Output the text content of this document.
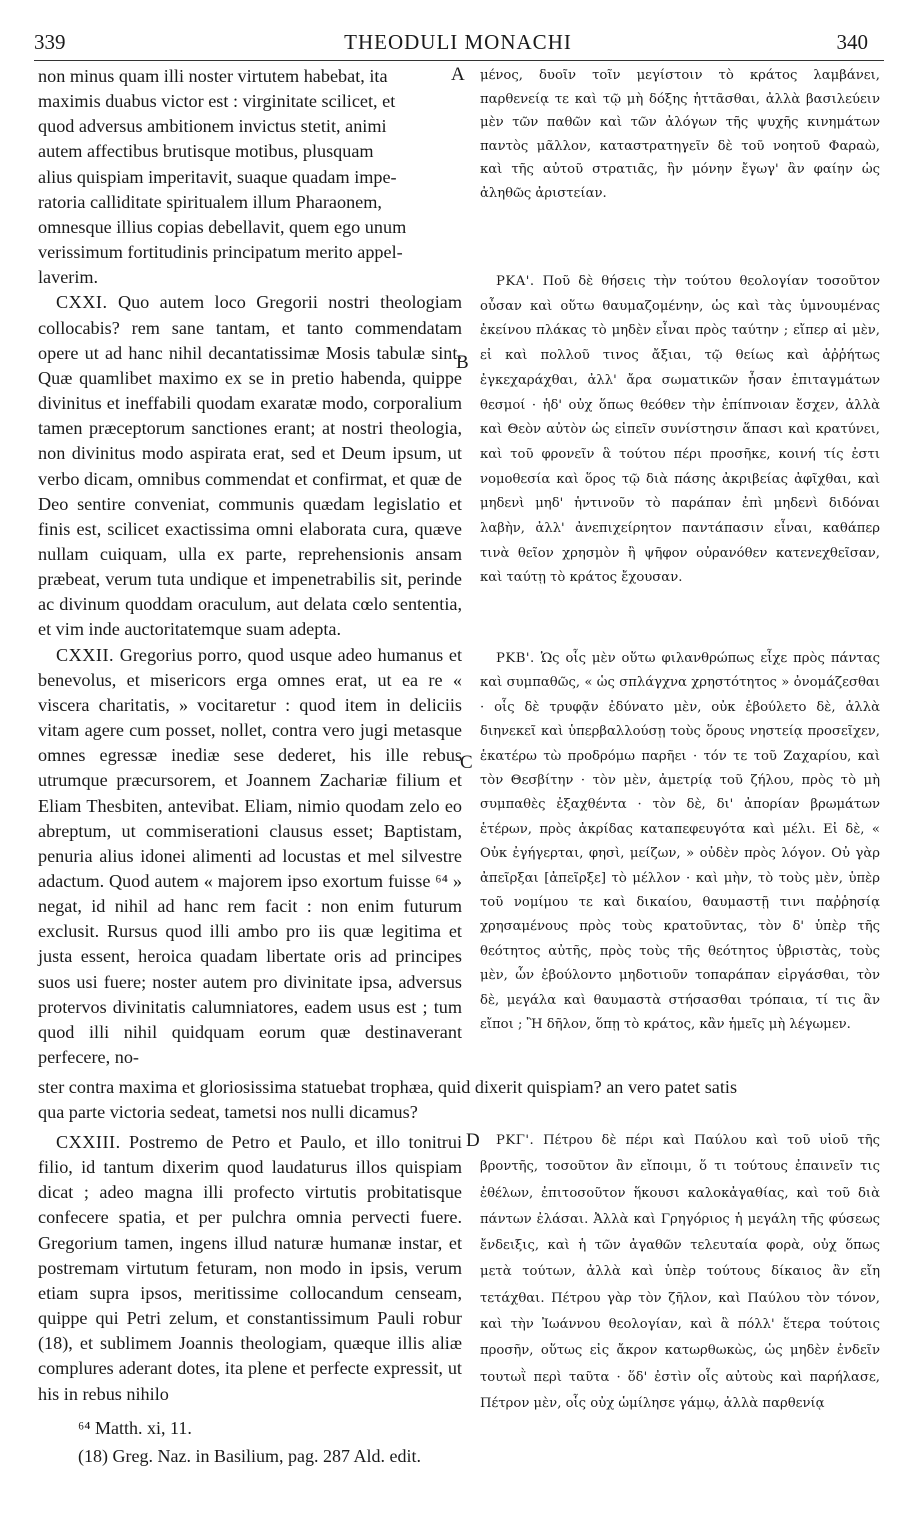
339	THEODULI MONACHI	340
A
B
C
D
non minus quam illi noster virtutem habebat, ita
maximis duabus victor est : virginitate scilicet, et
quod adversus ambitionem invictus stetit, animi
autem affectibus brutisque motibus, plusquam
alius quispiam imperitavit, suaque quadam impe-
ratoria calliditate spiritualem illum Pharaonem,
omnesque illius copias debellavit, quem ego unum
verissimum fortitudinis principatum merito appel-
laverim.
CXXI. Quo autem loco Gregorii nostri theologiam collocabis? rem sane tantam, et tanto commendatam opere ut ad hanc nihil decantatissimæ Mosis tabulæ sint. Quæ quamlibet maximo ex se in pretio habenda, quippe divinitus et ineffabili quodam exaratæ modo, corporalium tamen præceptorum sanctiones erant; at nostri theologia, non divinitus modo aspirata erat, sed et Deum ipsum, ut verbo dicam, omnibus commendat et confirmat, et quæ de Deo sentire conveniat, communis quædam legislatio et finis est, scilicet exactissima omni elaborata cura, quæve nullam cuiquam, ulla ex parte, reprehensionis ansam præbeat, verum tuta undique et impenetrabilis sit, perinde ac divinum quoddam oraculum, aut delata cœlo sententia, et vim inde auctoritatemque suam adepta.
CXXII. Gregorius porro, quod usque adeo humanus et benevolus, et misericors erga omnes erat, ut ea re « viscera charitatis, » vocitaretur : quod item in deliciis vitam agere cum posset, nollet, contra vero jugi metasque omnes egressæ inediæ sese dederet, his ille rebus utrumque præcursorem, et Joannem Zachariæ filium et Eliam Thesbiten, antevibat. Eliam, nimio quodam zelo eo abreptum, ut commiserationi clausus esset; Baptistam, penuria alius idonei alimenti ad locustas et mel silvestre adactum. Quod autem « majorem ipso exortum fuisse ⁶⁴ » negat, id nihil ad hanc rem facit : non enim futurum exclusit. Rursus quod illi ambo pro iis quæ legitima et justa essent, heroica quadam libertate oris ad principes suos usi fuere; noster autem pro divinitate ipsa, adversus protervos divinitatis calumniatores, eadem usus est ; tum quod illi nihil quidquam eorum quæ destinaverant perfecere, no-
ster contra maxima et gloriosissima statuebat trophæa, quid dixerit quispiam? an vero patet satis
qua parte victoria sedeat, tametsi nos nulli dicamus?
CXXIII. Postremo de Petro et Paulo, et illo tonitrui filio, id tantum dixerim quod laudaturus illos quispiam dicat ; adeo magna illi profecto virtutis probitatisque confecere spatia, et per pulchra omnia pervecti fuere. Gregorium tamen, ingens illud naturæ humanæ instar, et postremam virtutum feturam, non modo in ipsis, verum etiam supra ipsos, meritissime collocandum censeam, quippe qui Petri zelum, et constantissimum Pauli robur (18), et sublimem Joannis theologiam, quæque illis aliæ complures aderant dotes, ita plene et perfecte expressit, ut his in rebus nihilo
μένος, δυοῖν τοῖν μεγίστοιν τὸ κράτος λαμβάνει, παρθενείᾳ τε καὶ τῷ μὴ δόξης ἡττᾶσθαι, ἀλλὰ βασιλεύειν μὲν τῶν παθῶν καὶ τῶν ἀλόγων τῆς ψυχῆς κινημάτων παντὸς μᾶλλον, καταστρατηγεῖν δὲ τοῦ νοητοῦ Φαραὼ, καὶ τῆς αὐτοῦ στρατιᾶς, ἣν μόνην ἔγωγ' ἂν φαίην ὡς ἀληθῶς ἀριστείαν.
ΡΚΑ'. Ποῦ δὲ θήσεις τὴν τούτου θεολογίαν τοσοῦτον οὖσαν καὶ οὕτω θαυμαζομένην, ὡς καὶ τὰς ὑμνουμένας ἐκείνου πλάκας τὸ μηδὲν εἶναι πρὸς ταύτην ; εἴπερ αἱ μὲν, εἰ καὶ πολλοῦ τινος ἄξιαι, τῷ θείως καὶ ἀῤῥήτως ἐγκεχαράχθαι, ἀλλ' ἄρα σωματικῶν ἦσαν ἐπιταγμάτων θεσμοί · ἡδ' οὐχ ὅπως θεόθεν τὴν ἐπίπνοιαν ἔσχεν, ἀλλὰ καὶ Θεὸν αὐτὸν ὡς εἰπεῖν συνίστησιν ἅπασι καὶ κρατύνει, καὶ τοῦ φρονεῖν ἃ τούτου πέρι προσῆκε, κοινή τίς ἐστι νομοθεσία καὶ ὅρος τῷ διὰ πάσης ἀκριβείας ἀφῖχθαι, καὶ μηδενὶ μηδ' ἡντινοῦν τὸ παράπαν ἐπὶ μηδενὶ διδόναι λαβὴν, ἀλλ' ἀνεπιχείρητον παντάπασιν εἶναι, καθάπερ τινὰ θεῖον χρησμὸν ἢ ψῆφον οὐρανόθεν κατενεχθεῖσαν, καὶ ταύτῃ τὸ κράτος ἔχουσαν.
ΡΚΒ'. Ὡς οἷς μὲν οὕτω φιλανθρώπως εἶχε πρὸς πάντας καὶ συμπαθῶς, « ὡς σπλάγχνα χρηστότητος » ὀνομάζεσθαι · οἷς δὲ τρυφᾷν ἐδύνατο μὲν, οὐκ ἐβούλετο δὲ, ἀλλὰ διηνεκεῖ καὶ ὑπερβαλλούσῃ τοὺς ὅρους νηστείᾳ προσεῖχεν, ἑκατέρω τὼ προδρόμω παρῆει · τόν τε τοῦ Ζαχαρίου, καὶ τὸν Θεσβίτην · τὸν μὲν, ἀμετρίᾳ τοῦ ζήλου, πρὸς τὸ μὴ συμπαθὲς ἐξαχθέντα · τὸν δὲ, δι' ἀπορίαν βρωμάτων ἑτέρων, πρὸς ἀκρίδας καταπεφευγότα καὶ μέλι. Εἰ δὲ, « Οὐκ ἐγήγερται, φησὶ, μείζων, » οὐδὲν πρὸς λόγον. Οὐ γὰρ ἀπεῖρξαι [ἀπεῖρξε] τὸ μέλλον · καὶ μὴν, τὸ τοὺς μὲν, ὑπὲρ τοῦ νομίμου τε καὶ δικαίου, θαυμαστῇ τινι παῤῥησίᾳ χρησαμένους πρὸς τοὺς κρατοῦντας, τὸν δ' ὑπὲρ τῆς θεότητος αὐτῆς, πρὸς τοὺς τῆς θεότητος ὑβριστὰς, τοὺς μὲν, ὧν ἐβούλοντο μηδοτιοῦν τοπαράπαν εἰργάσθαι, τὸν δὲ, μεγάλα καὶ θαυμαστὰ στήσασθαι τρόπαια, τί τις ἂν εἴποι ; Ἢ δῆλον, ὅπῃ τὸ κράτος, κἂν ἡμεῖς μὴ λέγωμεν.
ΡΚΓ'. Πέτρου δὲ πέρι καὶ Παύλου καὶ τοῦ υἱοῦ τῆς βροντῆς, τοσοῦτον ἂν εἴποιμι, ὅ τι τούτους ἐπαινεῖν τις ἐθέλων, ἐπιτοσοῦτον ἥκουσι καλοκἀγαθίας, καὶ τοῦ διὰ πάντων ἐλάσαι. Ἀλλὰ καὶ Γρηγόριος ἡ μεγάλη τῆς φύσεως ἔνδειξις, καὶ ἡ τῶν ἀγαθῶν τελευταία φορὰ, οὐχ ὅπως μετὰ τούτων, ἀλλὰ καὶ ὑπὲρ τούτους δίκαιος ἂν εἴη τετάχθαι. Πέτρου γὰρ τὸν ζῆλον, καὶ Παύλου τὸν τόνον, καὶ τὴν Ἰωάννου θεολογίαν, καὶ ἃ πόλλ' ἕτερα τούτοις προσῆν, οὕτως εἰς ἄκρον κατωρθωκὼς, ὡς μηδὲν ἐνδεῖν τουτωῒ περὶ ταῦτα · ὅδ' ἐστὶν οἷς αὐτοὺς καὶ παρήλασε, Πέτρον μὲν, οἷς οὐχ ὡμίλησε γάμῳ, ἀλλὰ παρθενίᾳ
⁶⁴ Matth. xi, 11.
(18) Greg. Naz. in Basilium, pag. 287 Ald. edit.
